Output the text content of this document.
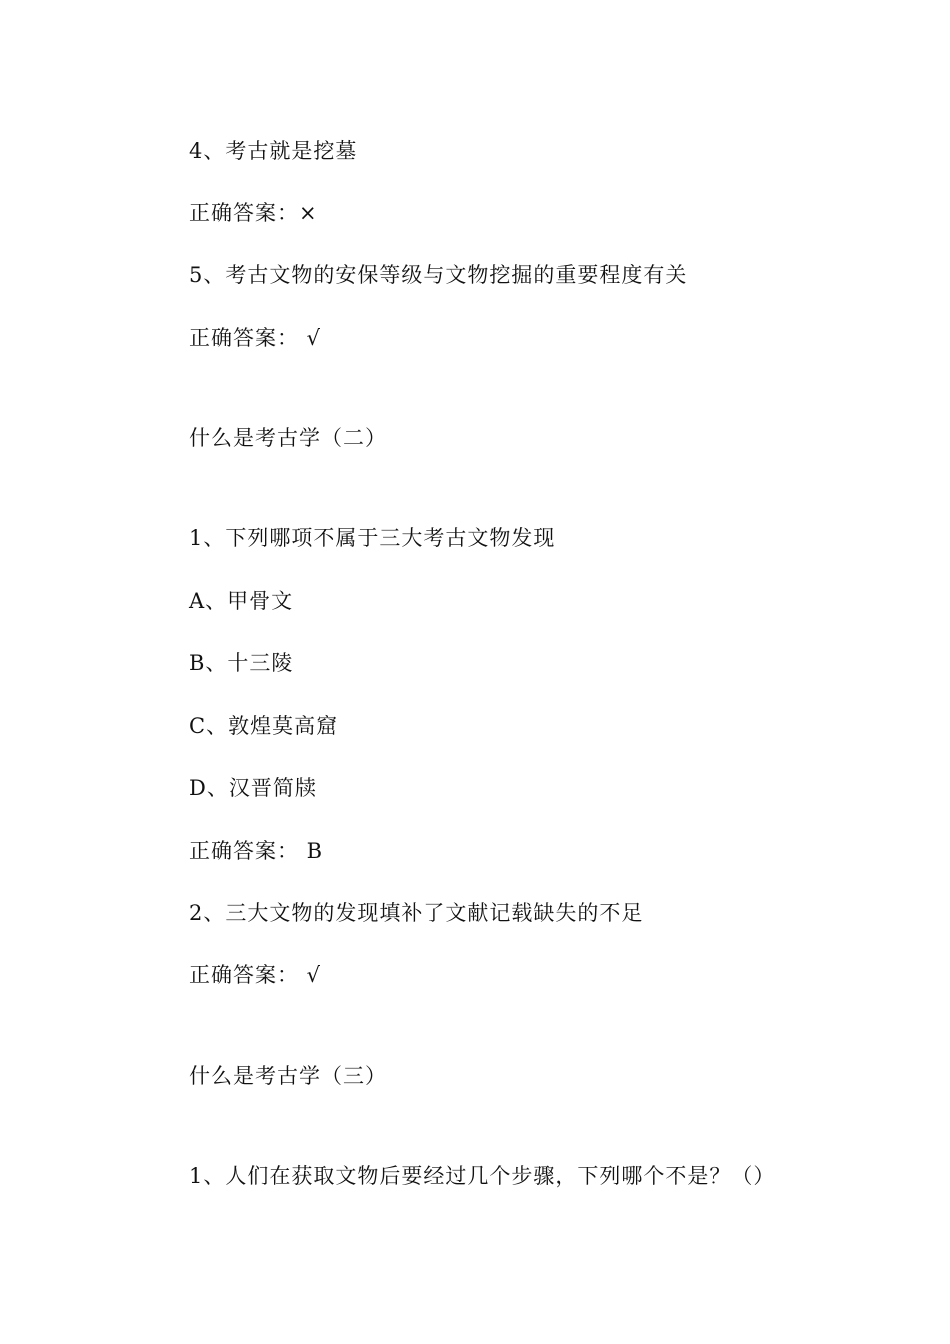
4、考古就是挖墓
正确答案：×
5、考古文物的安保等级与文物挖掘的重要程度有关
正确答案： √
什么是考古学（二）
1、下列哪项不属于三大考古文物发现
A、甲骨文
B、十三陵
C、敦煌莫高窟
D、汉晋简牍
正确答案： B
2、三大文物的发现填补了文献记载缺失的不足
正确答案： √
什么是考古学（三）
1、人们在获取文物后要经过几个步骤，下列哪个不是？（）
